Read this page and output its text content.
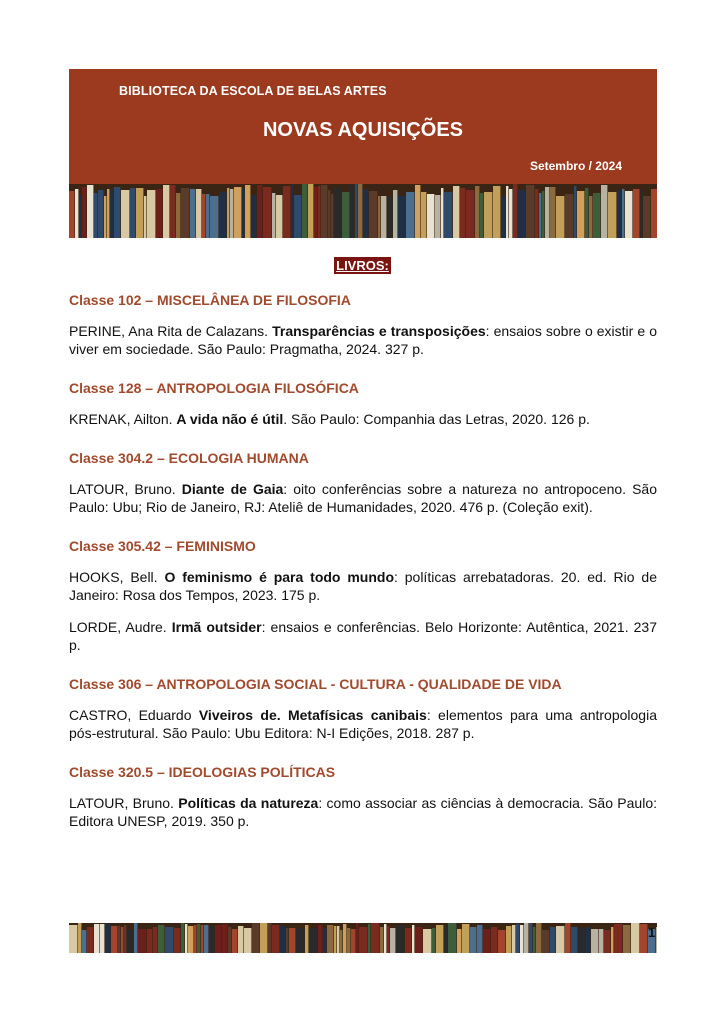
BIBLIOTECA DA ESCOLA DE BELAS ARTES
NOVAS AQUISIÇÕES
Setembro / 2024
LIVROS:
Classe 102 – MISCELÂNEA DE FILOSOFIA
PERINE, Ana Rita de Calazans. Transparências e transposições: ensaios sobre o existir e o viver em sociedade. São Paulo: Pragmatha, 2024. 327 p.
Classe 128 – ANTROPOLOGIA FILOSÓFICA
KRENAK, Ailton. A vida não é útil. São Paulo: Companhia das Letras, 2020. 126 p.
Classe 304.2 – ECOLOGIA HUMANA
LATOUR, Bruno. Diante de Gaia: oito conferências sobre a natureza no antropoceno. São Paulo: Ubu; Rio de Janeiro, RJ: Ateliê de Humanidades, 2020. 476 p. (Coleção exit).
Classe 305.42 – FEMINISMO
HOOKS, Bell. O feminismo é para todo mundo: políticas arrebatadoras. 20. ed. Rio de Janeiro: Rosa dos Tempos, 2023. 175 p.
LORDE, Audre. Irmã outsider: ensaios e conferências. Belo Horizonte: Autêntica, 2021. 237 p.
Classe 306 – ANTROPOLOGIA SOCIAL - CULTURA - QUALIDADE DE VIDA
CASTRO, Eduardo Viveiros de. Metafísicas canibais: elementos para uma antropologia pós-estrutural. São Paulo: Ubu Editora: N-I Edições, 2018. 287 p.
Classe 320.5 – IDEOLOGIAS POLÍTICAS
LATOUR, Bruno. Políticas da natureza: como associar as ciências à democracia. São Paulo: Editora UNESP, 2019. 350 p.
1
